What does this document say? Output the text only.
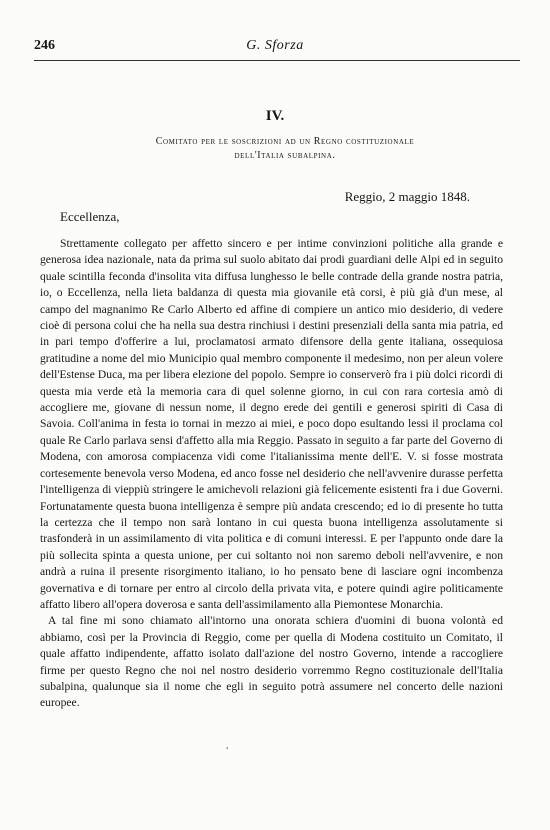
246	G. Sforza
IV.
Comitato per le soscrizioni ad un Regno costituzionale
dell'Italia subalpina.
Reggio, 2 maggio 1848.
Eccellenza,

Strettamente collegato per affetto sincero e per intime convinzioni politiche alla grande e generosa idea nazionale, nata da prima sul suolo abitato dai prodi guardiani delle Alpi ed in seguito quale scintilla feconda d'insolita vita diffusa lunghesso le belle contrade della grande nostra patria, io, o Eccellenza, nella lieta baldanza di questa mia giovanile età corsi, è più già d'un mese, al campo del magnanimo Re Carlo Alberto ed affine di compiere un antico mio desiderio, di vedere cioè di persona colui che ha nella sua destra rinchiusi i destini presenziali della santa mia patria, ed in pari tempo d'offerire a lui, proclamatosi armato difensore della gente italiana, ossequiosa gratitudine a nome del mio Municipio qual membro componente il medesimo, non per aleun volere dell'Estense Duca, ma per libera elezione del popolo. Sempre io conserverò fra i più dolci ricordi di questa mia verde età la memoria cara di quel solenne giorno, in cui con rara cortesia amò di accogliere me, giovane di nessun nome, il degno erede dei gentili e generosi spiriti di Casa di Savoia. Coll'anima in festa io tornai in mezzo ai miei, e poco dopo esultando lessi il proclama col quale Re Carlo parlava sensi d'affetto alla mia Reggio. Passato in seguito a far parte del Governo di Modena, con amorosa compiacenza vidi come l'italianissima mente dell'E. V. si fosse mostrata cortesemente benevola verso Modena, ed anco fosse nel desiderio che nell'avvenire durasse perfetta l'intelligenza di vieppiù stringere le amichevoli relazioni già felicemente esistenti fra i due Governi. Fortunatamente questa buona intelligenza è sempre più andata crescendo; ed io di presente ho tutta la certezza che il tempo non sarà lontano in cui questa buona intelligenza assolutamente si trasfonderà in un assimilamento di vita politica e di comuni interessi. E per l'appunto onde dare la più sollecita spinta a questa unione, per cui soltanto noi non saremo deboli nell'avvenire, e non andrà a ruina il presente risorgimento italiano, io ho pensato bene di lasciare ogni incombenza governativa e di tornare per entro al circolo della privata vita, e potere quindi agire politicamente affatto libero all'opera doverosa e santa dell'assimilamento alla Piemontese Monarchia.

A tal fine mi sono chiamato all'intorno una onorata schiera d'uomini di buona volontà ed abbiamo, così per la Provincia di Reggio, come per quella di Modena costituito un Comitato, il quale affatto indipendente, affatto isolato dall'azione del nostro Governo, intende a raccogliere firme per questo Regno che noi nel nostro desiderio vorremmo Regno costituzionale dell'Italia subalpina, qualunque sia il nome che egli in seguito potrà assumere nel concerto delle nazioni europee.

'
